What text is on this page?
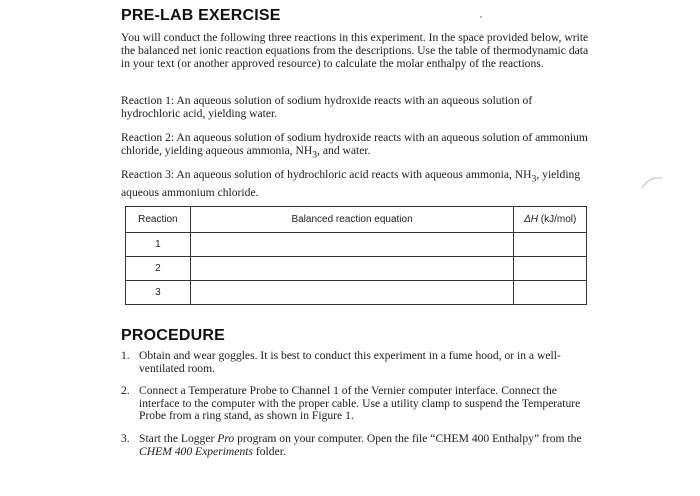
PRE-LAB EXERCISE

You will conduct the following three reactions in this experiment. In the space provided below, write the balanced net ionic reaction equations from the descriptions. Use the table of thermodynamic data in your text (or another approved resource) to calculate the molar enthalpy of the reactions.

Reaction 1: An aqueous solution of sodium hydroxide reacts with an aqueous solution of hydrochloric acid, yielding water.

Reaction 2: An aqueous solution of sodium hydroxide reacts with an aqueous solution of ammonium chloride, yielding aqueous ammonia, $NH_3$, and water.

Reaction 3: An aqueous solution of hydrochloric acid reacts with aqueous ammonia, $NH_3$, yielding aqueous ammonium chloride.

Reaction	Balanced reaction equation	ΔH (kJ/mol)
1		
2		
3		
PROCEDURE
1. Obtain and wear goggles. It is best to conduct this experiment in a fume hood, or in a well-ventilated room.
2. Connect a Temperature Probe to Channel 1 of the Vernier computer interface. Connect the interface to the computer with the proper cable. Use a utility clamp to suspend the Temperature Probe from a ring stand, as shown in Figure 1.
3. Start the Logger Pro program on your computer. Open the file “CHEM 400 Enthalpy” from the CHEM 400 Experiments folder.
